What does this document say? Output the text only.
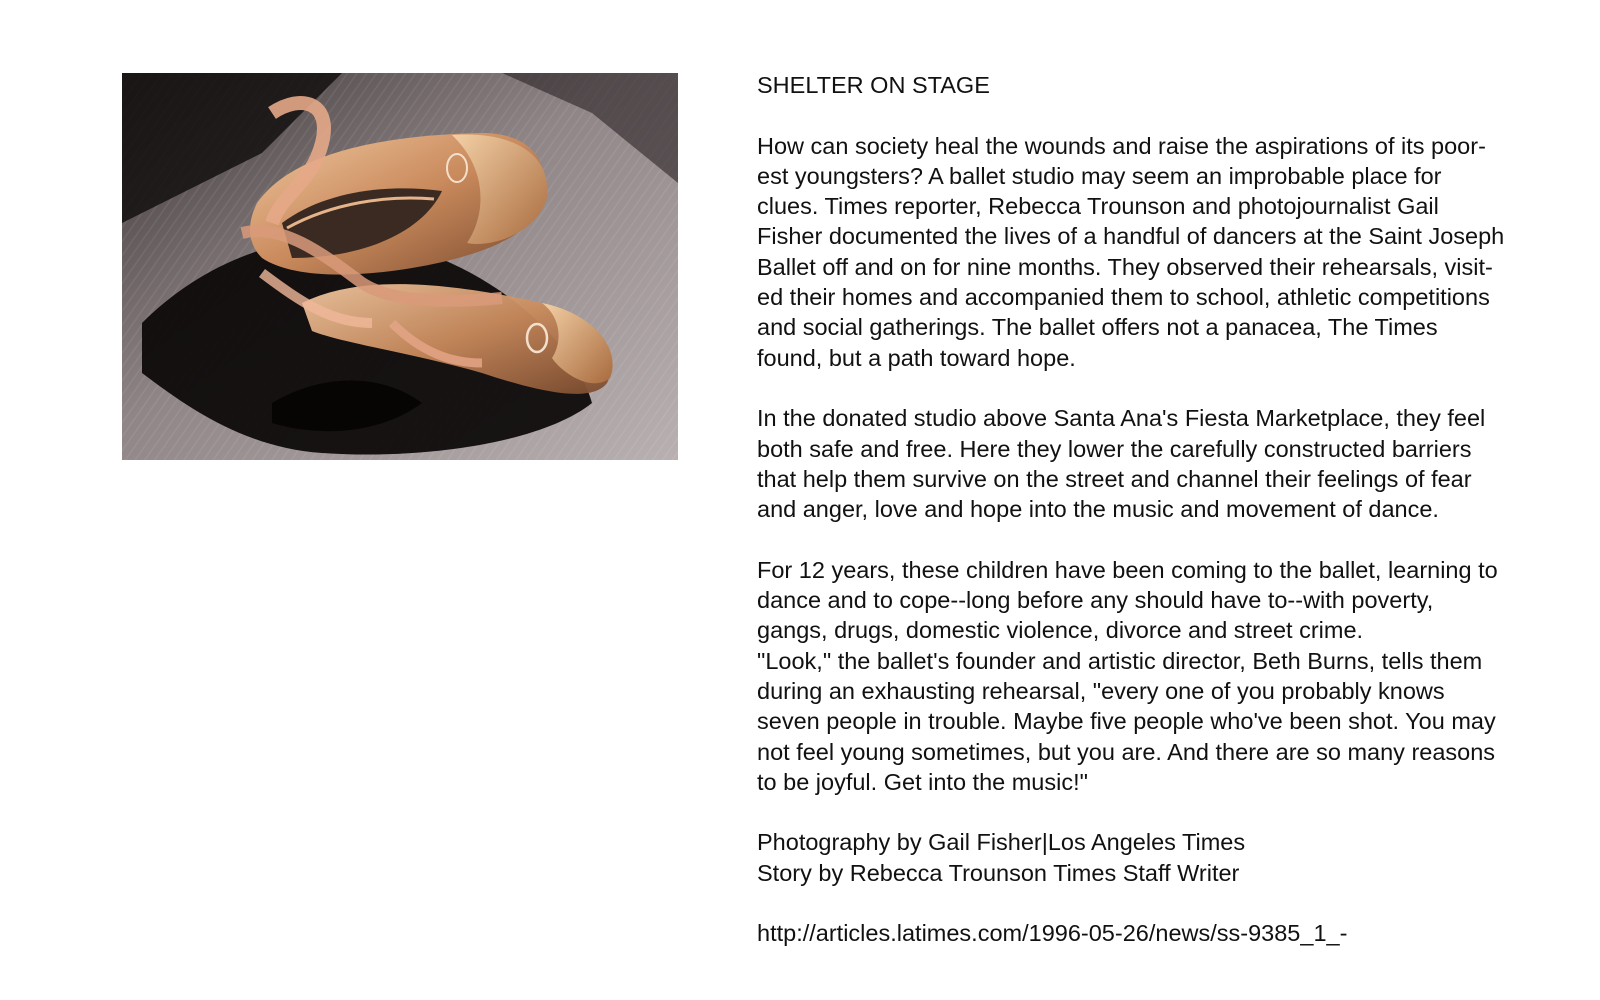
SHELTER ON STAGE

How can society heal the wounds and raise the aspirations of its poor-
est youngsters? A ballet studio may seem an improbable place for
clues. Times reporter, Rebecca Trounson and photojournalist Gail
Fisher documented the lives of a handful of dancers at the Saint Joseph
Ballet off and on for nine months. They observed their rehearsals, visit-
ed their homes and accompanied them to school, athletic competitions
and social gatherings. The ballet offers not a panacea, The Times
found, but a path toward hope.

In the donated studio above Santa Ana's Fiesta Marketplace, they feel
both safe and free. Here they lower the carefully constructed barriers
that help them survive on the street and channel their feelings of fear
and anger, love and hope into the music and movement of dance.

For 12 years, these children have been coming to the ballet, learning to
dance and to cope--long before any should have to--with poverty,
gangs, drugs, domestic violence, divorce and street crime.

"Look," the ballet's founder and artistic director, Beth Burns, tells them
during an exhausting rehearsal, "every one of you probably knows
seven people in trouble. Maybe five people who've been shot. You may
not feel young sometimes, but you are. And there are so many reasons
to be joyful. Get into the music!"

Photography by Gail Fisher|Los Angeles Times

Story by Rebecca Trounson Times Staff Writer

http://articles.latimes.com/1996-05-26/news/ss-9385_1_-
